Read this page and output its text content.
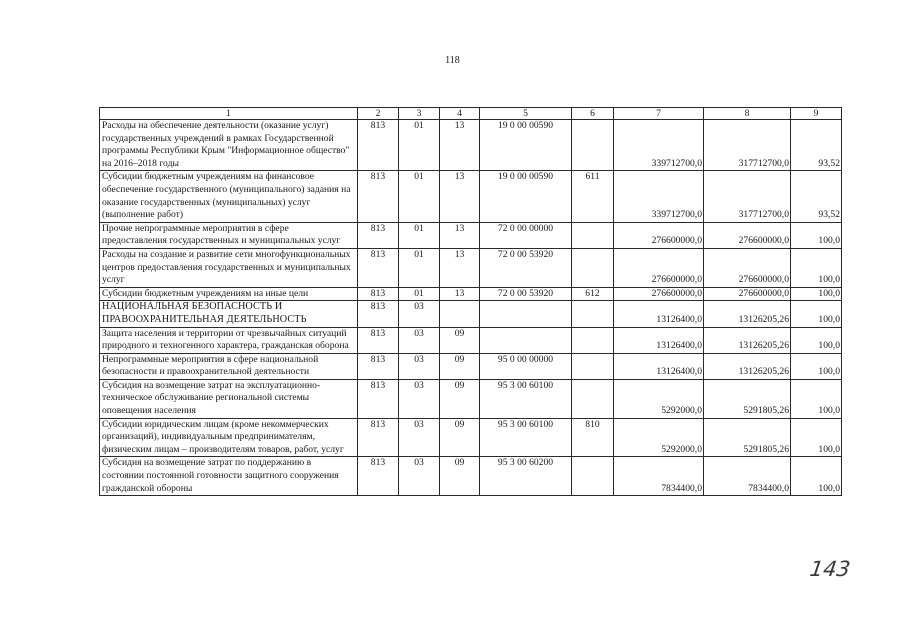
118
1	2	3	4	5	6	7	8	9
Расходы на обеспечение деятельности (оказание услуг) государственных учреждений в рамках Государственной программы Республики Крым "Информационное общество" на 2016–2018 годы	813	01	13	19 0 00 00590		339712700,0	317712700,0	93,52
Субсидии бюджетным учреждениям на финансовое обеспечение государственного (муниципального) задания на оказание государственных (муниципальных) услуг (выполнение работ)	813	01	13	19 0 00 00590	611	339712700,0	317712700,0	93,52
Прочие непрограммные мероприятия в сфере предоставления государственных и муниципальных услуг	813	01	13	72 0 00 00000		276600000,0	276600000,0	100,0
Расходы на создание и развитие сети многофункциональных центров предоставления государственных и муниципальных услуг	813	01	13	72 0 00 53920		276600000,0	276600000,0	100,0
Субсидии бюджетным учреждениям на иные цели	813	01	13	72 0 00 53920	612	276600000,0	276600000,0	100,0
НАЦИОНАЛЬНАЯ БЕЗОПАСНОСТЬ И ПРАВООХРАНИТЕЛЬНАЯ ДЕЯТЕЛЬНОСТЬ	813	03				13126400,0	13126205,26	100,0
Защита населения и территории от чрезвычайных ситуаций природного и техногенного характера, гражданская оборона	813	03	09			13126400,0	13126205,26	100,0
Непрограммные мероприятия в сфере национальной безопасности и правоохранительной деятельности	813	03	09	95 0 00 00000		13126400,0	13126205,26	100,0
Субсидия на возмещение затрат на эксплуатационно-техническое обслуживание региональной системы оповещения населения	813	03	09	95 3 00 60100		5292000,0	5291805,26	100,0
Субсидии юридическим лицам (кроме некоммерческих организаций), индивидуальным предпринимателям, физическим лицам – производителям товаров, работ, услуг	813	03	09	95 3 00 60100	810	5292000,0	5291805,26	100,0
Субсидия на возмещение затрат по поддержанию в состоянии постоянной готовности защитного сооружения гражданской обороны	813	03	09	95 3 00 60200		7834400,0	7834400,0	100,0
143
